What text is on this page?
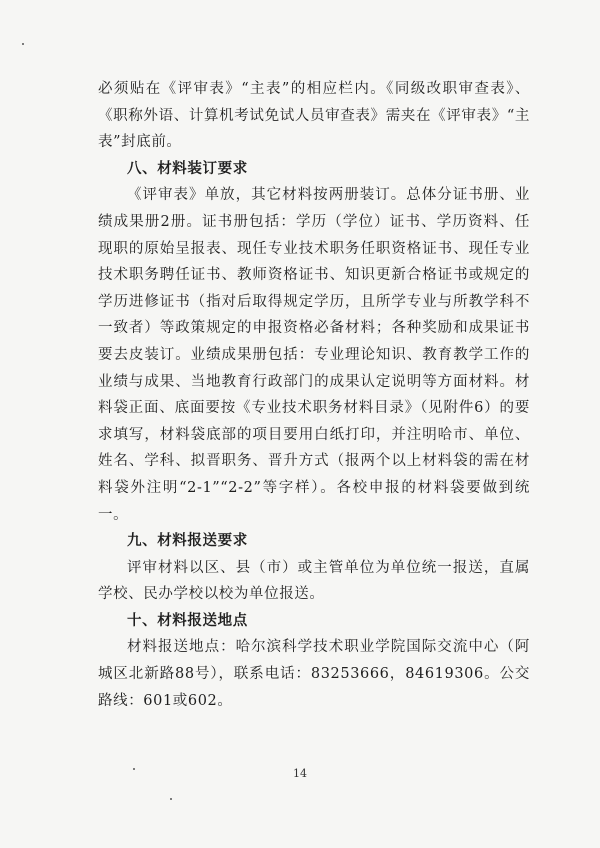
必须贴在《评审表》“主表”的相应栏内。《同级改职审查表》、《职称外语、计算机考试免试人员审查表》需夹在《评审表》“主表”封底前。

八、材料装订要求

《评审表》单放，其它材料按两册装订。总体分证书册、业绩成果册2册。证书册包括：学历（学位）证书、学历资料、任现职的原始呈报表、现任专业技术职务任职资格证书、现任专业技术职务聘任证书、教师资格证书、知识更新合格证书或规定的学历进修证书（指对后取得规定学历，且所学专业与所教学科不一致者）等政策规定的申报资格必备材料；各种奖励和成果证书要去皮装订。业绩成果册包括：专业理论知识、教育教学工作的业绩与成果、当地教育行政部门的成果认定说明等方面材料。材料袋正面、底面要按《专业技术职务材料目录》（见附件6）的要求填写，材料袋底部的项目要用白纸打印，并注明哈市、单位、姓名、学科、拟晋职务、晋升方式（报两个以上材料袋的需在材料袋外注明“2-1”“2-2”等字样）。各校申报的材料袋要做到统一。

九、材料报送要求

评审材料以区、县（市）或主管单位为单位统一报送，直属学校、民办学校以校为单位报送。

十、材料报送地点

材料报送地点：哈尔滨科学技术职业学院国际交流中心（阿城区北新路88号），联系电话：83253666，84619306。公交路线：601或602。

14
